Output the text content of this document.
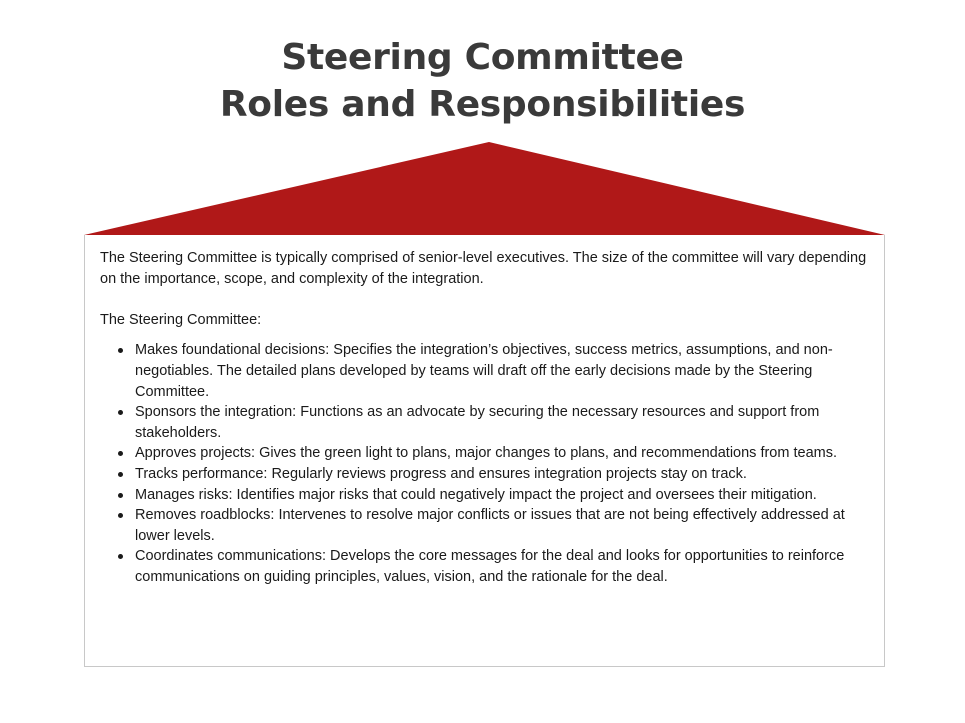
Steering Committee
Roles and Responsibilities

The Steering Committee is typically comprised of senior-level executives. The size of the committee will vary depending on the importance, scope, and complexity of the integration.

The Steering Committee:

Makes foundational decisions: Specifies the integration’s objectives, success metrics, assumptions, and non-negotiables. The detailed plans developed by teams will draft off the early decisions made by the Steering Committee.
Sponsors the integration: Functions as an advocate by securing the necessary resources and support from stakeholders.
Approves projects: Gives the green light to plans, major changes to plans, and recommendations from teams.
Tracks performance: Regularly reviews progress and ensures integration projects stay on track.
Manages risks: Identifies major risks that could negatively impact the project and oversees their mitigation.
Removes roadblocks: Intervenes to resolve major conflicts or issues that are not being effectively addressed at lower levels.
Coordinates communications: Develops the core messages for the deal and looks for opportunities to reinforce communications on guiding principles, values, vision, and the rationale for the deal.
